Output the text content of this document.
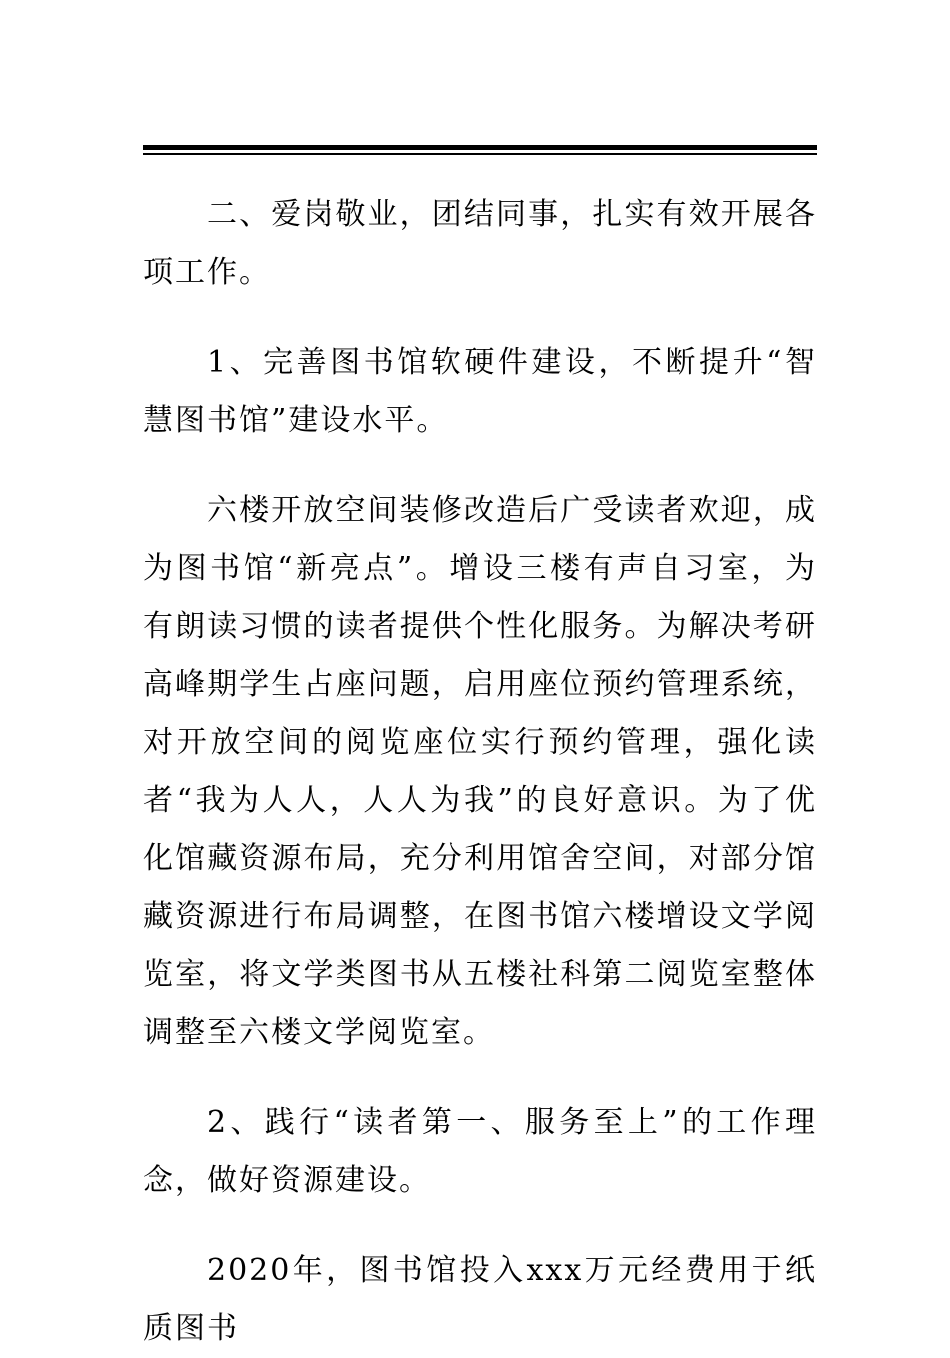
二、爱岗敬业，团结同事，扎实有效开展各项工作。

1、完善图书馆软硬件建设，不断提升“智慧图书馆”建设水平。

六楼开放空间装修改造后广受读者欢迎，成为图书馆“新亮点”。增设三楼有声自习室，为有朗读习惯的读者提供个性化服务。为解决考研高峰期学生占座问题，启用座位预约管理系统，对开放空间的阅览座位实行预约管理，强化读者“我为人人，人人为我”的良好意识。为了优化馆藏资源布局，充分利用馆舍空间，对部分馆藏资源进行布局调整，在图书馆六楼增设文学阅览室，将文学类图书从五楼社科第二阅览室整体调整至六楼文学阅览室。

2、践行“读者第一、服务至上”的工作理念，做好资源建设。

2020年，图书馆投入xxx万元经费用于纸质图书
